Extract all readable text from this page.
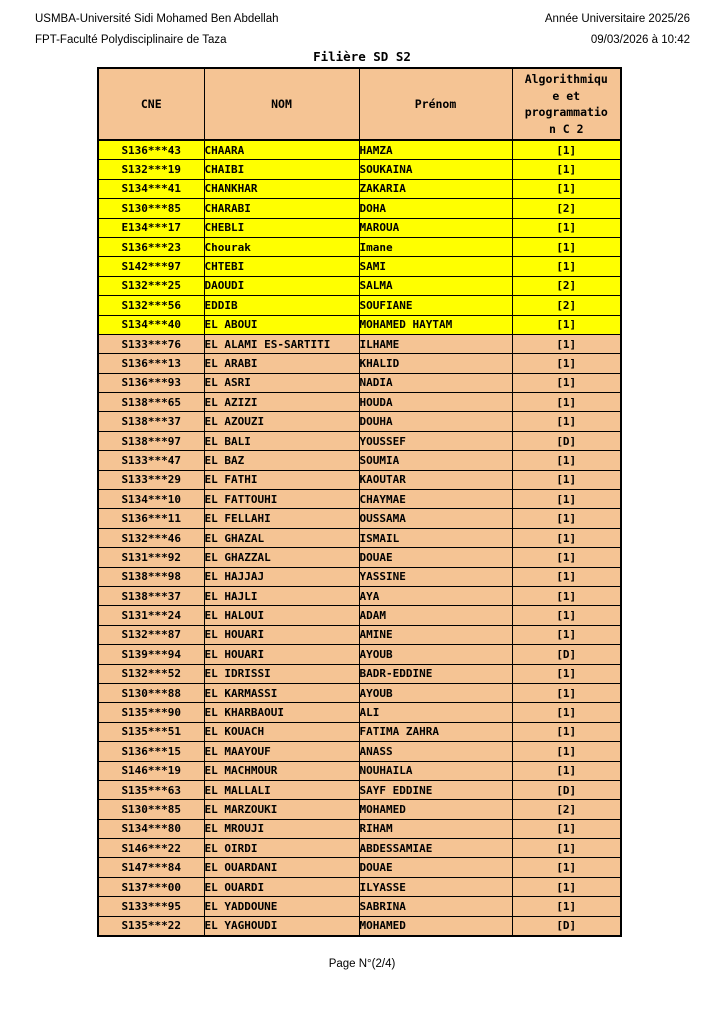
USMBA-Université Sidi Mohamed Ben Abdellah
FPT-Faculté Polydisciplinaire de Taza
Année Universitaire 2025/26
09/03/2026 à 10:42
Filière SD S2
CNE	NOM	Prénom	Algorithmique et programmation C 2
S136***43	CHAARA	HAMZA	[1]
S132***19	CHAIBI	SOUKAINA	[1]
S134***41	CHANKHAR	ZAKARIA	[1]
S130***85	CHARABI	DOHA	[2]
E134***17	CHEBLI	MAROUA	[1]
S136***23	Chourak	Imane	[1]
S142***97	CHTEBI	SAMI	[1]
S132***25	DAOUDI	SALMA	[2]
S132***56	EDDIB	SOUFIANE	[2]
S134***40	EL ABOUI	MOHAMED HAYTAM	[1]
S133***76	EL ALAMI ES-SARTITI	ILHAME	[1]
S136***13	EL ARABI	KHALID	[1]
S136***93	EL ASRI	NADIA	[1]
S138***65	EL AZIZI	HOUDA	[1]
S138***37	EL AZOUZI	DOUHA	[1]
S138***97	EL BALI	YOUSSEF	[D]
S133***47	EL BAZ	SOUMIA	[1]
S133***29	EL FATHI	KAOUTAR	[1]
S134***10	EL FATTOUHI	CHAYMAE	[1]
S136***11	EL FELLAHI	OUSSAMA	[1]
S132***46	EL GHAZAL	ISMAIL	[1]
S131***92	EL GHAZZAL	DOUAE	[1]
S138***98	EL HAJJAJ	YASSINE	[1]
S138***37	EL HAJLI	AYA	[1]
S131***24	EL HALOUI	ADAM	[1]
S132***87	EL HOUARI	AMINE	[1]
S139***94	EL HOUARI	AYOUB	[D]
S132***52	EL IDRISSI	BADR-EDDINE	[1]
S130***88	EL KARMASSI	AYOUB	[1]
S135***90	EL KHARBAOUI	ALI	[1]
S135***51	EL KOUACH	FATIMA ZAHRA	[1]
S136***15	EL MAAYOUF	ANASS	[1]
S146***19	EL MACHMOUR	NOUHAILA	[1]
S135***63	EL MALLALI	SAYF EDDINE	[D]
S130***85	EL MARZOUKI	MOHAMED	[2]
S134***80	EL MROUJI	RIHAM	[1]
S146***22	EL OIRDI	ABDESSAMIAE	[1]
S147***84	EL OUARDANI	DOUAE	[1]
S137***00	EL OUARDI	ILYASSE	[1]
S133***95	EL YADDOUNE	SABRINA	[1]
S135***22	EL YAGHOUDI	MOHAMED	[D]
Page N°(2/4)
